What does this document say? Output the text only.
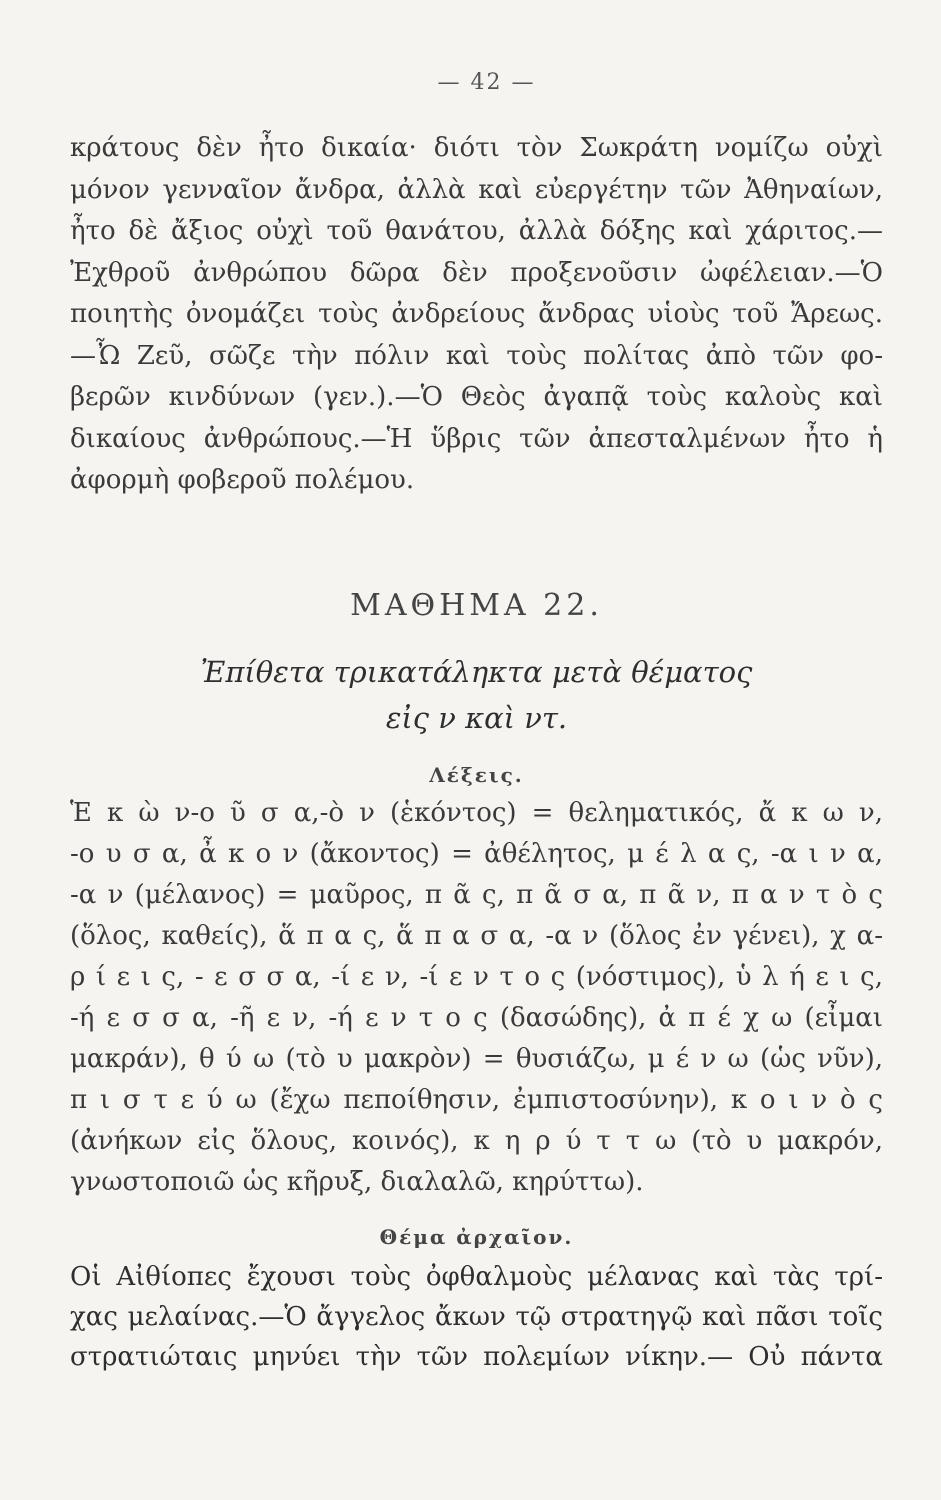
— 42 —

κράτους δὲν ἦτο δικαία· διότι τὸν Σωκράτη νομίζω οὐχὶ
μόνον γενναῖον ἄνδρα, ἀλλὰ καὶ εὐεργέτην τῶν Ἀθηναίων,
ἦτο δὲ ἄξιος οὐχὶ τοῦ θανάτου, ἀλλὰ δόξης καὶ χάριτος.—
Ἐχθροῦ ἀνθρώπου δῶρα δὲν προξενοῦσιν ὠφέλειαν.—Ὁ
ποιητὴς ὀνομάζει τοὺς ἀνδρείους ἄνδρας υἱοὺς τοῦ Ἄρεως.
—Ὦ Ζεῦ, σῶζε τὴν πόλιν καὶ τοὺς πολίτας ἀπὸ τῶν φο-
βερῶν κινδύνων (γεν.).—Ὁ Θεὸς ἀγαπᾷ τοὺς καλοὺς καὶ
δικαίους ἀνθρώπους.—Ἡ ὕβρις τῶν ἀπεσταλμένων ἦτο ἡ
ἀφορμὴ φοβεροῦ πολέμου.

ΜΑΘΗΜΑ 22.

Ἐπίθετα τρικατάληκτα μετὰ θέματος
εἰς ν καὶ ντ.

Λέξεις.

Ἑ κ ὼ ν-ο ῦ σ α,-ὸ ν (ἑκόντος) = θεληματικός, ἄ κ ω ν,
-ο υ σ α, ἆ κ ο ν (ἄκοντος) = ἀθέλητος, μ έ λ α ς, -α ι ν α,
-α ν (μέλανος) = μαῦρος, π ᾶ ς, π ᾶ σ α, π ᾶ ν, π α ν τ ὸ ς
(ὅλος, καθείς), ἅ π α ς, ἅ π α σ α, -α ν (ὅλος ἐν γένει), χ α-
ρ ί ε ι ς, - ε σ σ α, -ί ε ν, -ί ε ν τ ο ς (νόστιμος), ὑ λ ή ε ι ς,
-ή ε σ σ α, -ῆ ε ν, -ή ε ν τ ο ς (δασώδης), ἀ π έ χ ω (εἶμαι
μακράν), θ ύ ω (τὸ υ μακρὸν) = θυσιάζω, μ έ ν ω (ὡς νῦν),
π ι σ τ ε ύ ω (ἔχω πεποίθησιν, ἐμπιστοσύνην), κ ο ι ν ὸ ς
(ἀνήκων εἰς ὅλους, κοινός), κ η ρ ύ τ τ ω (τὸ υ μακρόν,
γνωστοποιῶ ὡς κῆρυξ, διαλαλῶ, κηρύττω).

Θέμα ἀρχαῖον.

Οἱ Αἰθίοπες ἔχουσι τοὺς ὀφθαλμοὺς μέλανας καὶ τὰς τρί-
χας μελαίνας.—Ὁ ἄγγελος ἄκων τῷ στρατηγῷ καὶ πᾶσι τοῖς
στρατιώταις μηνύει τὴν τῶν πολεμίων νίκην.— Οὐ πάντα
